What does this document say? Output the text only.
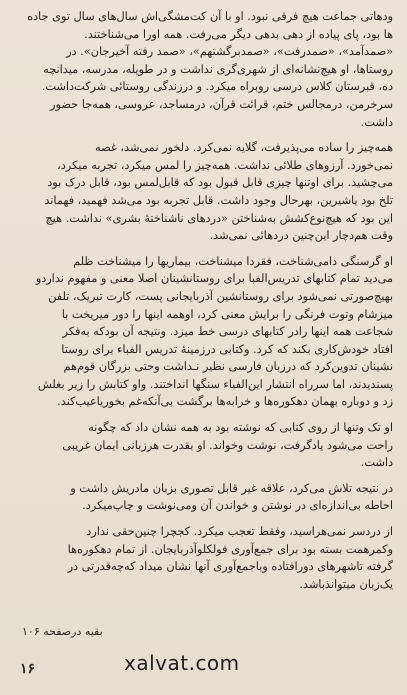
ودهاتی جماعت هیچ فرقی نبود. او با آن کت‌مشگی‌اش سال‌های سال توی جاده
ها بود، پای پیاده از دهی بدهی دیگر می‌رفت. همه اورا می‌شناختند.
«صمدآمد»، «صمدرفت»، «صمدبرگشتهم»، «صمد رفته آخیرجان». در
روستاها، او هیچ‌نشانه‌ای از شهری‌گری نداشت و در طویله، مدرسه، میدانچه
ده، قبرستان کلاس درسی روبراه میکرد. و درزندگی روستائی شرکت‌داشت.
سرخرمن، درمجالس ختم، قرائت قرآن، درمساجد، عروسی، همه‌جا حضور
داشت.

همه‌چیز را ساده می‌پذیرفت، گلایه نمی‌کرد. دلخور نمی‌شد، غصه
نمی‌خورد. آرزوهای طلائی نداشت. همه‌چیز را لمس میکرد، تجربه میکرد،
می‌چشید. برای اوتنها چیزی قابل قبول بود که قابل‌لمس بود، قابل درک بود
تلخ بود یاشیرین، بهرحال وجود داشت. قابل تجربه بود می‌شد فهمید، فهماند
این بود که هیچ‌نوع‌کشش به‌شناختن «دردهای ناشناختهٔ بشری» نداشت. هیچ
وقت هم‌دچار این‌چنین دردهائی نمی‌شد.

او گرسنگی دامی‌شناخت، فقردا میشناخت، بیماریها را میشناخت ظلم
می‌دید تمام کتابهای تدریس‌الفبا برای روستانشینان اصلا معنی و مفهوم نداردو
بهیچ‌صورتی نمی‌شود برای روستانشین آذربایجانی پست، کارت تبریک، تلفن
میزشام وتوت فرنگی را برایش معنی کرد، اوهمه اینها را دور میریخت با
شجاعت همه اینها رادر کتابهای درسی خط میزد. ونتیجه آن بودکه به‌فکر
افتاد خودش‌کاری بکند که کرد. وکتابی درزمینهٔ تدریس الفباء برای روستا
نشینان تدوین‌کرد که درزبان فارسی نظیر نـداشت وحتی بزرگان قوم‌هم
پسندیدند، اما سرراه انتشار این‌الفباء سنگها انداختند. واو کتابش را زیر بغلش
زد و دوباره بهمان دهکوره‌ها و خرابه‌ها برگشت بی‌آنکه‌غم بخوریاعیب‌کند.

او تک وتنها از روی کتابی که نوشته بود به همه نشان داد که چگونه
راحت می‌شود یادگرفت، نوشت وخواند. او بقدرت هرزبانی ایمان غریبی
داشت.

در نتیجه تلاش می‌کرد، علاقه غیر قابل تصوری بزبان مادریش داشت و
احاطه بی‌اندازه‌ای در نوشتن و خواندن آن ومی‌نوشت و چاپ‌میکرد.

از دردسر نمی‌هراسید، وفقط تعجب میکرد. کجچرا چنین‌حقی ندارد
وکمرهمت بسته بود برای جمع‌آوری فولکلوآذربایجان. از تمام دهکوره‌ها
گرفته تاشهرهای دورافتاده وباجمع‌آوری آنها نشان میداد که‌چه‌قدرتی در
یک‌زبان میتوانذباشد.

بقیه درصفحه ۱۰۶
xalvat.com
۱۶
